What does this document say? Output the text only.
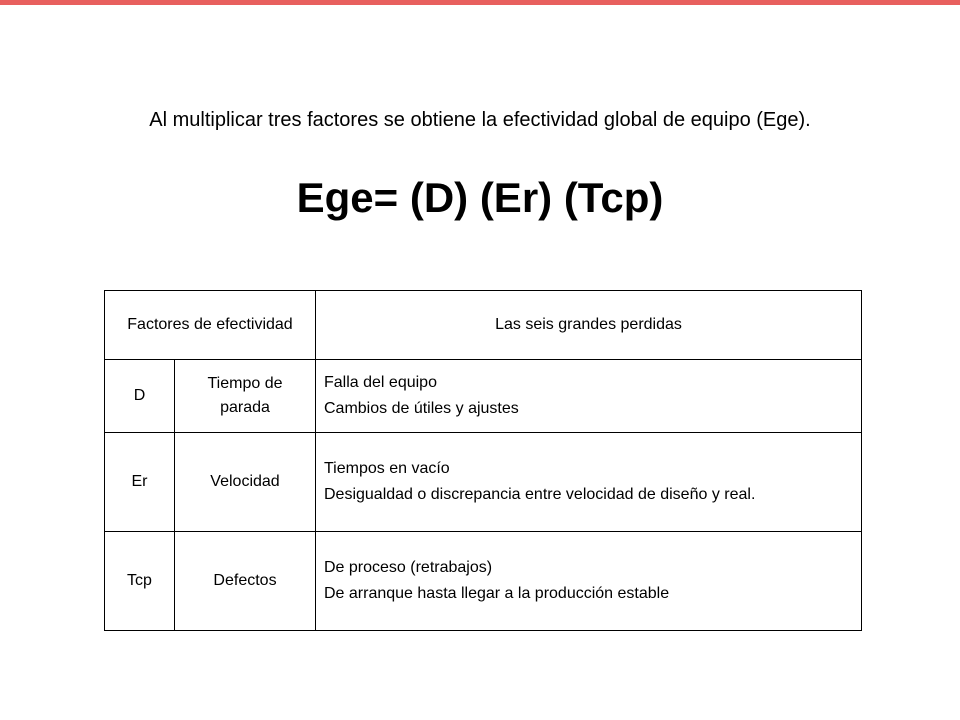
Al multiplicar tres factores se obtiene la efectividad global de equipo (Ege).
Ege= (D) (Er) (Tcp)
Factores de efectividad		Las seis grandes perdidas
D	Tiempo de parada	Falla del equipo
Cambios de útiles y ajustes

Er	Velocidad	Tiempos en vacío
Desigualdad o discrepancia entre velocidad de diseño y real.

Tcp	Defectos	De proceso (retrabajos)
De arranque hasta llegar a la producción estable
